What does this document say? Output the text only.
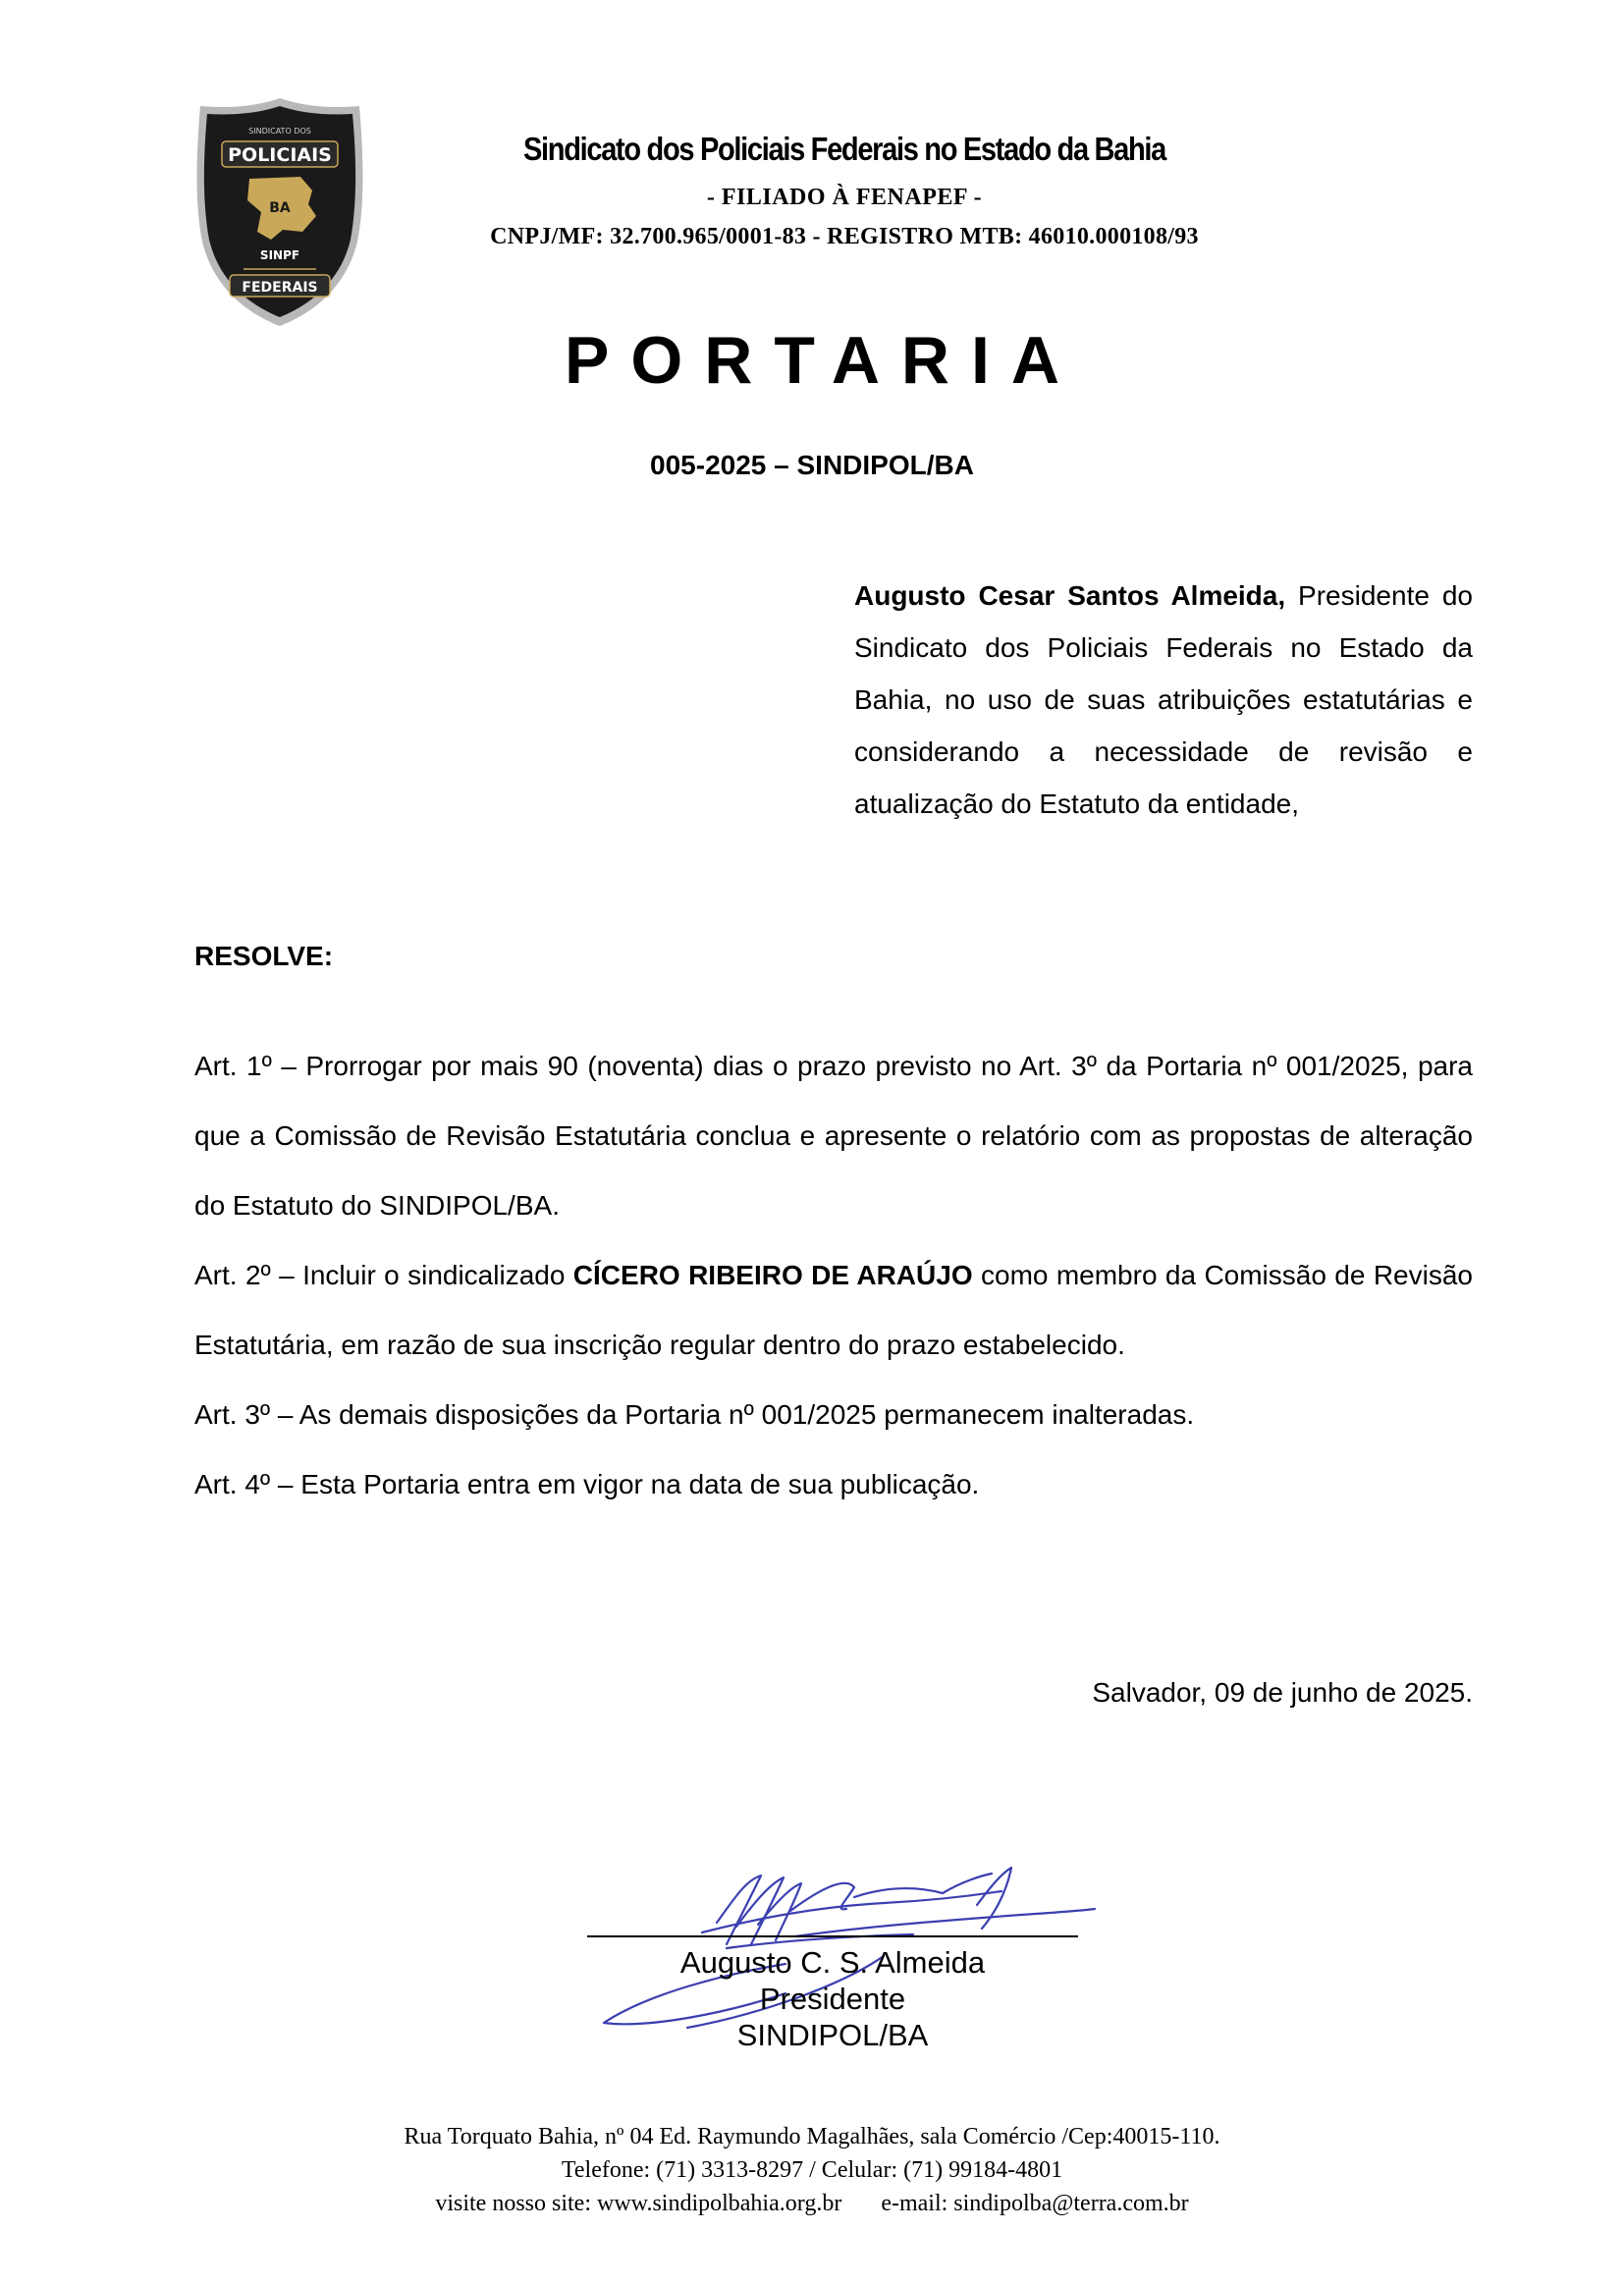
SINDICATO DOS
POLICIAIS
BA
SINPF
FEDERAIS
Sindicato dos Policiais Federais no Estado da Bahia
- FILIADO À FENAPEF -
CNPJ/MF: 32.700.965/0001-83 - REGISTRO MTB: 46010.000108/93
PORTARIA
005-2025 – SINDIPOL/BA
Augusto Cesar Santos Almeida, Presidente do Sindicato dos Policiais Federais no Estado da Bahia, no uso de suas atribuições estatutárias e considerando a necessidade de revisão e atualização do Estatuto da entidade,
RESOLVE:

Art. 1º – Prorrogar por mais 90 (noventa) dias o prazo previsto no Art. 3º da Portaria nº 001/2025, para que a Comissão de Revisão Estatutária conclua e apresente o relatório com as propostas de alteração do Estatuto do SINDIPOL/BA.

Art. 2º – Incluir o sindicalizado CÍCERO RIBEIRO DE ARAÚJO como membro da Comissão de Revisão Estatutária, em razão de sua inscrição regular dentro do prazo estabelecido.

Art. 3º – As demais disposições da Portaria nº 001/2025 permanecem inalteradas.

Art. 4º – Esta Portaria entra em vigor na data de sua publicação.

Salvador, 09 de junho de 2025.
Augusto C. S. Almeida
Presidente
SINDIPOL/BA
Rua Torquato Bahia, nº 04 Ed. Raymundo Magalhães, sala Comércio /Cep:40015-110.
Telefone: (71) 3313-8297 / Celular: (71) 99184-4801
visite nosso site: www.sindipolbahia.org.br e-mail: sindipolba@terra.com.br
